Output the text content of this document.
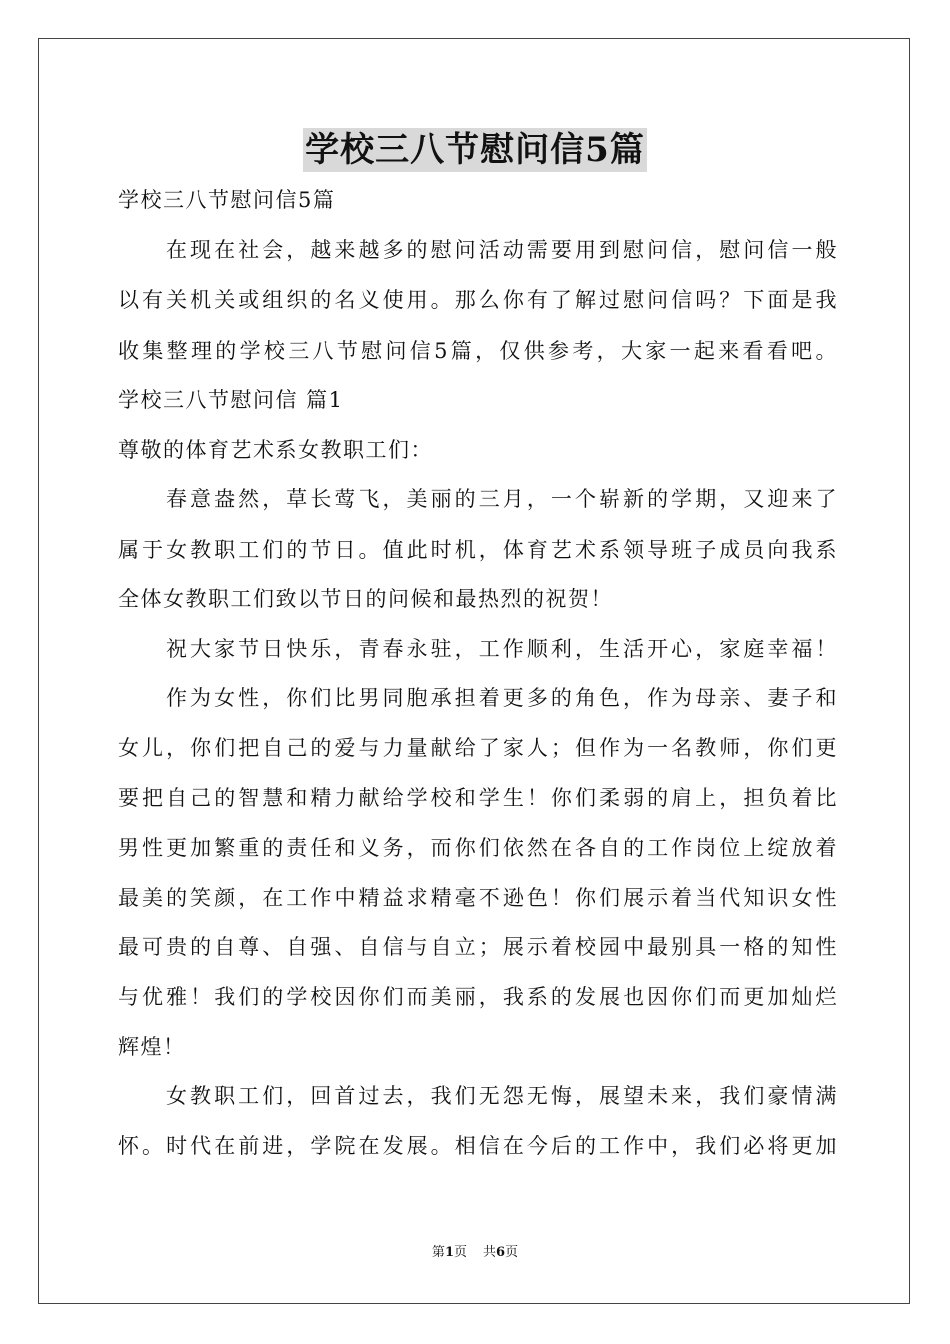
学校三八节慰问信5篇
学校三八节慰问信5篇
在现在社会，越来越多的慰问活动需要用到慰问信，慰问信一般
以有关机关或组织的名义使用。那么你有了解过慰问信吗？下面是我
收集整理的学校三八节慰问信5篇，仅供参考，大家一起来看看吧。
学校三八节慰问信 篇1
尊敬的体育艺术系女教职工们：
春意盎然，草长莺飞，美丽的三月，一个崭新的学期，又迎来了
属于女教职工们的节日。值此时机，体育艺术系领导班子成员向我系
全体女教职工们致以节日的问候和最热烈的祝贺！
祝大家节日快乐，青春永驻，工作顺利，生活开心，家庭幸福！
作为女性，你们比男同胞承担着更多的角色，作为母亲、妻子和
女儿，你们把自己的爱与力量献给了家人；但作为一名教师，你们更
要把自己的智慧和精力献给学校和学生！你们柔弱的肩上，担负着比
男性更加繁重的责任和义务，而你们依然在各自的工作岗位上绽放着
最美的笑颜，在工作中精益求精毫不逊色！你们展示着当代知识女性
最可贵的自尊、自强、自信与自立；展示着校园中最别具一格的知性
与优雅！我们的学校因你们而美丽，我系的发展也因你们而更加灿烂
辉煌！
女教职工们，回首过去，我们无怨无悔，展望未来，我们豪情满
怀。时代在前进，学院在发展。相信在今后的工作中，我们必将更加
第1页 共6页
